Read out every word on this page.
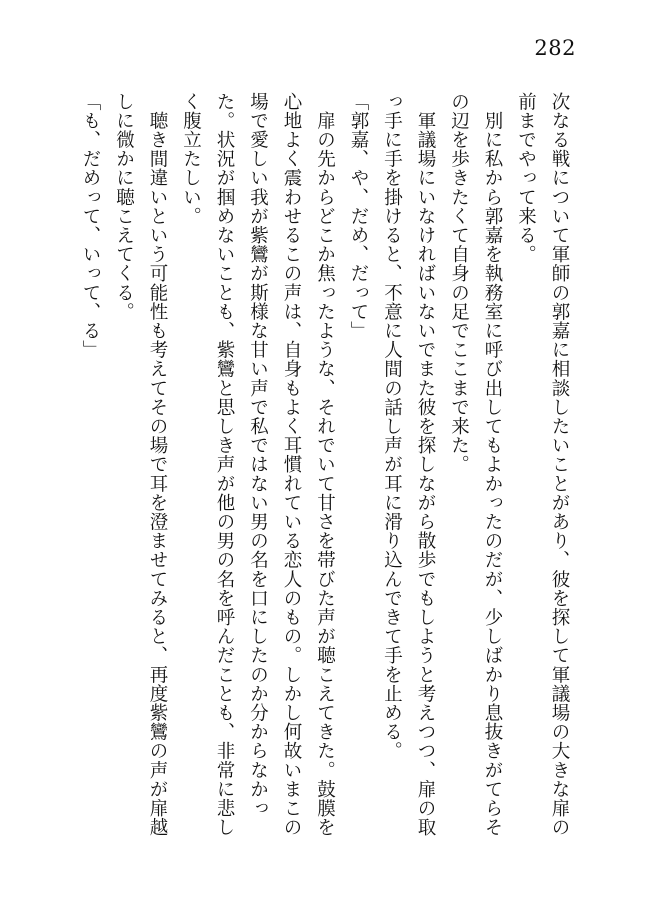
282

次なる戦について軍師の郭嘉に相談したいことがあり、彼を探して軍議場の大きな扉の前までやって来る。

　別に私から郭嘉を執務室に呼び出してもよかったのだが、少しばかり息抜きがてらその辺を歩きたくて自身の足でここまで来た。

　軍議場にいなければいないでまた彼を探しながら散歩でもしようと考えつつ、扉の取っ手に手を掛けると、不意に人間の話し声が耳に滑り込んできて手を止める。

「郭嘉、や、だめ、だって」

　扉の先からどこか焦ったような、それでいて甘さを帯びた声が聴こえてきた。鼓膜を心地よく震わせるこの声は、自身もよく耳慣れている恋人のもの。しかし何故いまこの場で愛しい我が紫鸞が斯様な甘い声で私ではない男の名を口にしたのか分からなかった。状況が掴めないことも、紫鸞と思しき声が他の男の名を呼んだことも、非常に悲しく腹立たしい。

　聴き間違いという可能性も考えてその場で耳を澄ませてみると、再度紫鸞の声が扉越しに微かに聴こえてくる。

「も、だめって、いって、る」
